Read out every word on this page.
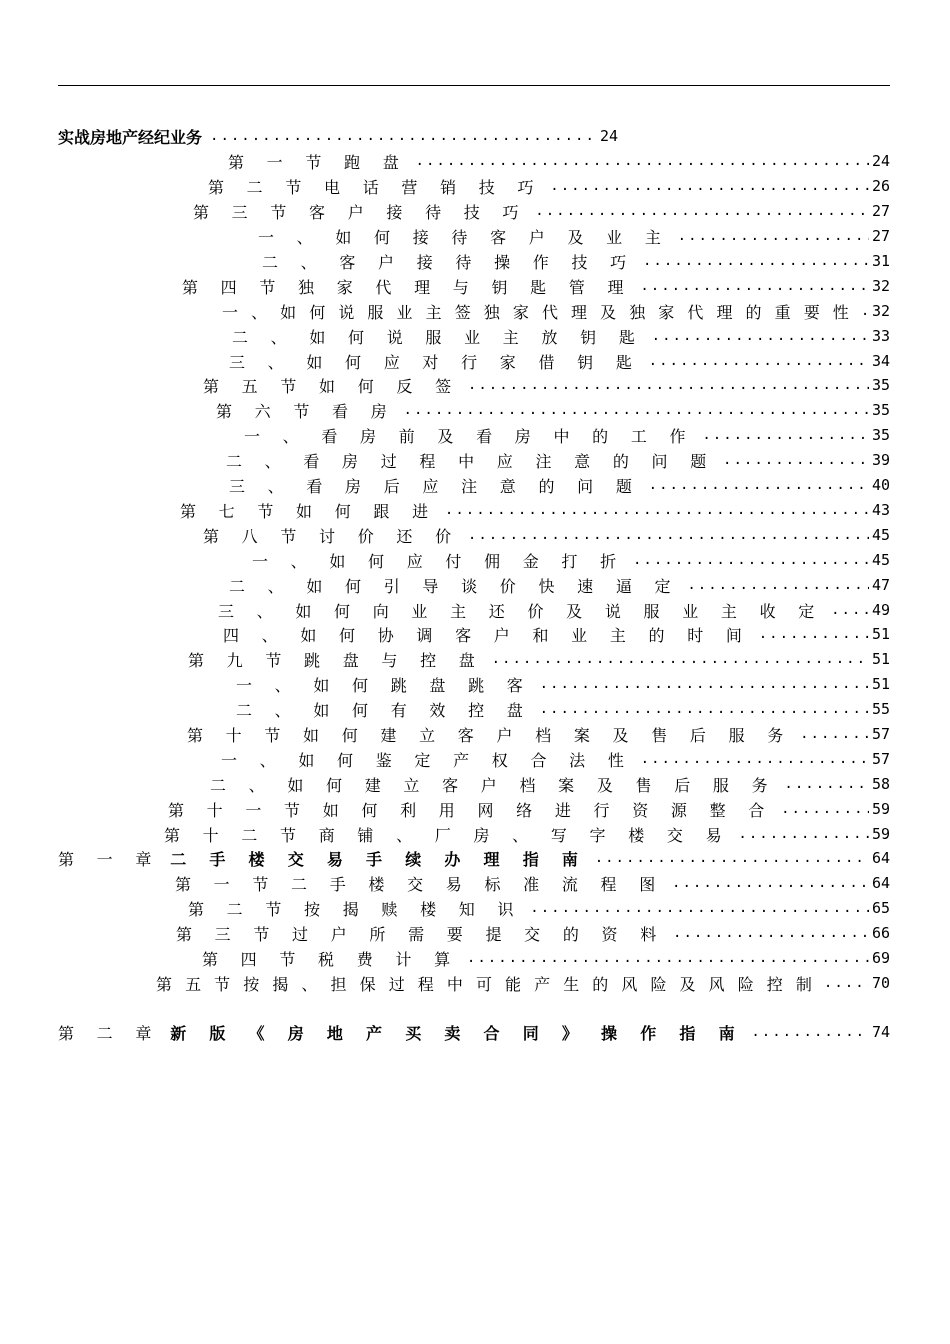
实战房地产经纪业务 .....	24
第 一 节 跑 盘 .....	24
第 二 节 电 话 营 销 技 巧 .....	26
第 三 节 客 户 接 待 技 巧 .....	27
一 、 如 何 接 待 客 户 及 业 主 .....	27
二 、 客 户 接 待 操 作 技 巧 .....	31
第 四 节 独 家 代 理 与 钥 匙 管 理 .....	32
一 、 如 何 说 服 业 主 签 独 家 代 理 及 独 家 代 理 的 重 要 性 ..... 32
二 、 如 何 说 服 业 主 放 钥 匙 .....	33
三 、 如 何 应 对 行 家 借 钥 匙 .....	34
第 五 节 如 何 反 签 .....	35
第 六 节 看 房 .....	35
一 、 看 房 前 及 看 房 中 的 工 作 .....	35
二 、 看 房 过 程 中 应 注 意 的 问 题 .....	39
三 、 看 房 后 应 注 意 的 问 题 .....	40
第 七 节 如 何 跟 进 .....	43
第 八 节 讨 价 还 价 .....	45
一 、 如 何 应 付 佣 金 打 折 .....	45
二 、 如 何 引 导 谈 价 快 速 逼 定 .....	47
三 、 如 何 向 业 主 还 价 及 说 服 业 主 收 定 .....	49
四 、 如 何 协 调 客 户 和 业 主 的 时 间 .....	51
第 九 节 跳 盘 与 控 盘 .....	51
一 、 如 何 跳 盘 跳 客 .....	51
二 、 如 何 有 效 控 盘 .....	55
第 十 节 如 何 建 立 客 户 档 案 及 售 后 服 务 .....	57
一 、 如 何 鉴 定 产 权 合 法 性 .....	57
二 、 如 何 建 立 客 户 档 案 及 售 后 服 务 .....	58
第 十 一 节 如 何 利 用 网 络 进 行 资 源 整 合 .....	59
第 十 二 节 商 铺 、 厂 房 、 写 字 楼 交 易 .....	59
第 一 章 二 手 楼 交 易 手 续 办 理 指 南 .....	64
第 一 节 二 手 楼 交 易 标 准 流 程 图 .....	64
第 二 节 按 揭 赎 楼 知 识 .....	65
第 三 节 过 户 所 需 要 提 交 的 资 料 .....	66
第 四 节 税 费 计 算 .....	69
第 五 节 按 揭 、 担 保 过 程 中 可 能 产 生 的 风 险 及 风 险 控 制 .....	70
第 二 章 新 版 《 房 地 产 买 卖 合 同 》 操 作 指 南 .....	74
